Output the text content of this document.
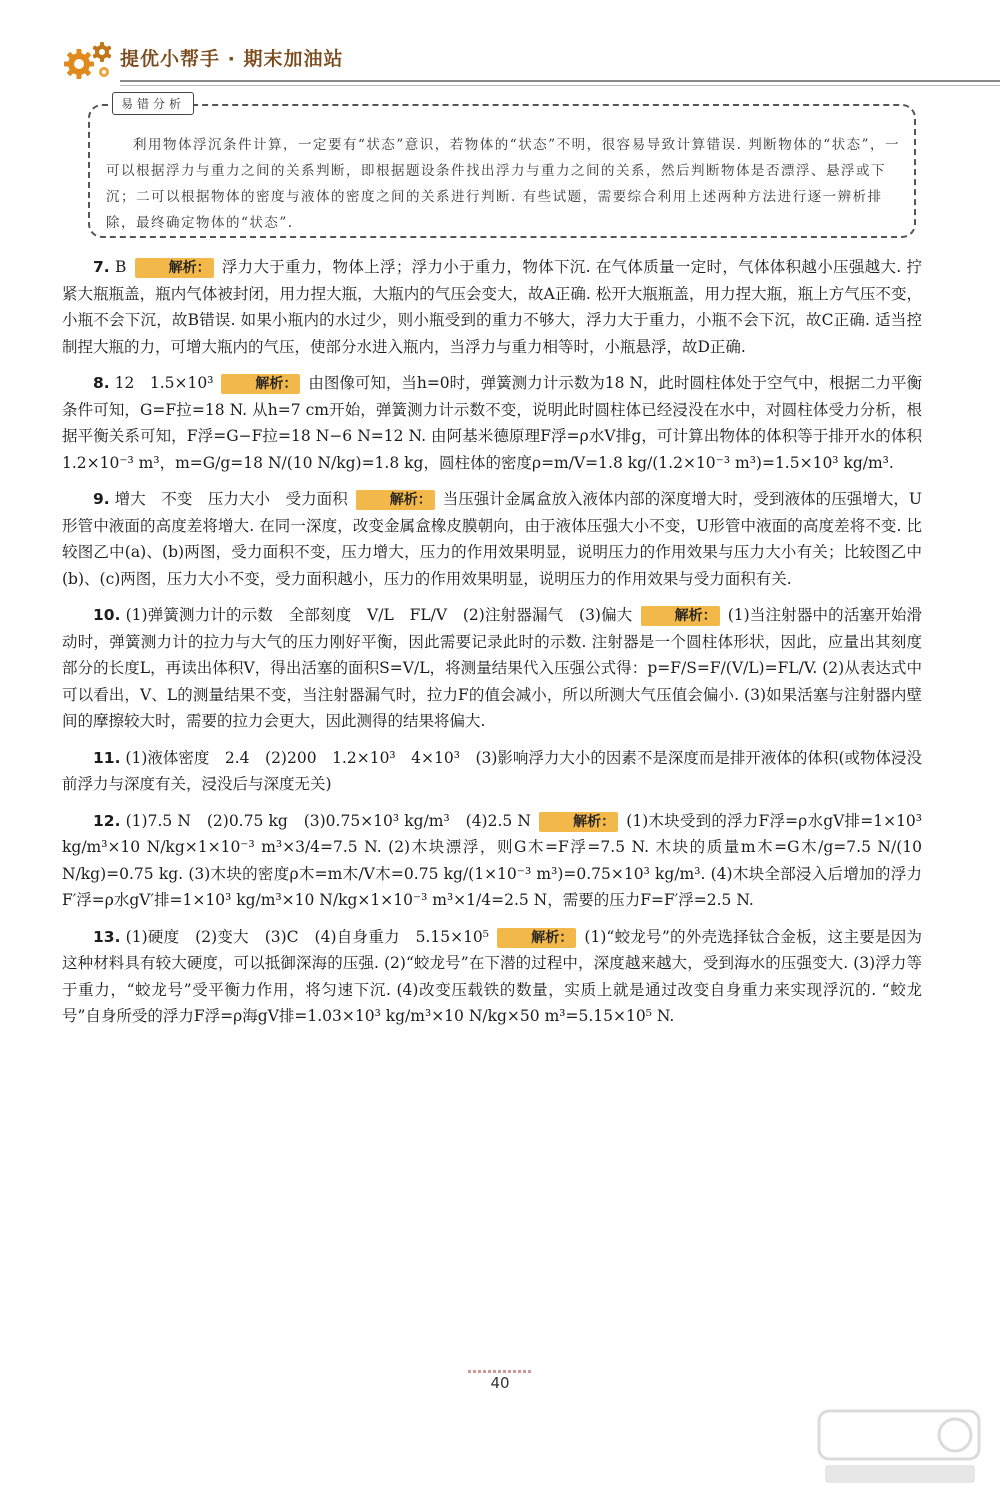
提优小帮手 · 期末加油站
易错分析
利用物体浮沉条件计算，一定要有“状态”意识，若物体的“状态”不明，很容易导致计算错误. 判断物体的“状态”，一可以根据浮力与重力之间的关系判断，即根据题设条件找出浮力与重力之间的关系，然后判断物体是否漂浮、悬浮或下沉；二可以根据物体的密度与液体的密度之间的关系进行判断. 有些试题，需要综合利用上述两种方法进行逐一辨析排除，最终确定物体的“状态”.

7. B	解析 ： 浮力大于重力，物体上浮；浮力小于重力，物体下沉. 在气体质量一定时，气体体积越小压强越大. 拧紧大瓶瓶盖，瓶内气体被封闭，用力捏大瓶，大瓶内的气压会变大，故A正确. 松开大瓶瓶盖，用力捏大瓶，瓶上方气压不变，小瓶不会下沉，故B错误. 如果小瓶内的水过少，则小瓶受到的重力不够大，浮力大于重力，小瓶不会下沉，故C正确. 适当控制捏大瓶的力，可增大瓶内的气压，使部分水进入瓶内，当浮力与重力相等时，小瓶悬浮，故D正确.

8. 12　1.5×10³	解析 ： 由图像可知，当h=0时，弹簧测力计示数为18 N，此时圆柱体处于空气中，根据二力平衡条件可知，G=F拉=18 N. 从h=7 cm开始，弹簧测力计示数不变，说明此时圆柱体已经浸没在水中，对圆柱体受力分析，根据平衡关系可知，F浮=G−F拉=18 N−6 N=12 N. 由阿基米德原理F浮=ρ水V排g，可计算出物体的体积等于排开水的体积1.2×10⁻³ m³，m=G/g=18 N/(10 N/kg)=1.8 kg，圆柱体的密度ρ=m/V=1.8 kg/(1.2×10⁻³ m³)=1.5×10³ kg/m³.

9. 增大　不变　压力大小　受力面积	解析 ： 当压强计金属盒放入液体内部的深度增大时，受到液体的压强增大，U形管中液面的高度差将增大. 在同一深度，改变金属盒橡皮膜朝向，由于液体压强大小不变，U形管中液面的高度差将不变. 比较图乙中(a)、(b)两图，受力面积不变，压力增大，压力的作用效果明显，说明压力的作用效果与压力大小有关；比较图乙中(b)、(c)两图，压力大小不变，受力面积越小，压力的作用效果明显，说明压力的作用效果与受力面积有关.

10. (1)弹簧测力计的示数　全部刻度　V/L　FL/V　(2)注射器漏气　(3)偏大	解析 ： (1)当注射器中的活塞开始滑动时，弹簧测力计的拉力与大气的压力刚好平衡，因此需要记录此时的示数. 注射器是一个圆柱体形状，因此，应量出其刻度部分的长度L，再读出体积V，得出活塞的面积S=V/L，将测量结果代入压强公式得：p=F/S=F/(V/L)=FL/V. (2)从表达式中可以看出，V、L的测量结果不变，当注射器漏气时，拉力F的值会减小，所以所测大气压值会偏小. (3)如果活塞与注射器内壁间的摩擦较大时，需要的拉力会更大，因此测得的结果将偏大.

11. (1)液体密度　2.4　(2)200　1.2×10³　4×10³　(3)影响浮力大小的因素不是深度而是排开液体的体积(或物体浸没前浮力与深度有关，浸没后与深度无关)

12. (1)7.5 N　(2)0.75 kg　(3)0.75×10³ kg/m³　(4)2.5 N	解析 ： (1)木块受到的浮力F浮=ρ水gV排=1×10³ kg/m³×10 N/kg×1×10⁻³ m³×3/4=7.5 N. (2)木块漂浮，则G木=F浮=7.5 N. 木块的质量m木=G木/g=7.5 N/(10 N/kg)=0.75 kg. (3)木块的密度ρ木=m木/V木=0.75 kg/(1×10⁻³ m³)=0.75×10³ kg/m³. (4)木块全部浸入后增加的浮力F′浮=ρ水gV′排=1×10³ kg/m³×10 N/kg×1×10⁻³ m³×1/4=2.5 N，需要的压力F=F′浮=2.5 N.

13. (1)硬度　(2)变大　(3)C　(4)自身重力　5.15×10⁵	解析 ： (1)“蛟龙号”的外壳选择钛合金板，这主要是因为这种材料具有较大硬度，可以抵御深海的压强. (2)“蛟龙号”在下潜的过程中，深度越来越大，受到海水的压强变大. (3)浮力等于重力，“蛟龙号”受平衡力作用，将匀速下沉. (4)改变压载铁的数量，实质上就是通过改变自身重力来实现浮沉的. “蛟龙号”自身所受的浮力F浮=ρ海gV排=1.03×10³ kg/m³×10 N/kg×50 m³=5.15×10⁵ N.

40
